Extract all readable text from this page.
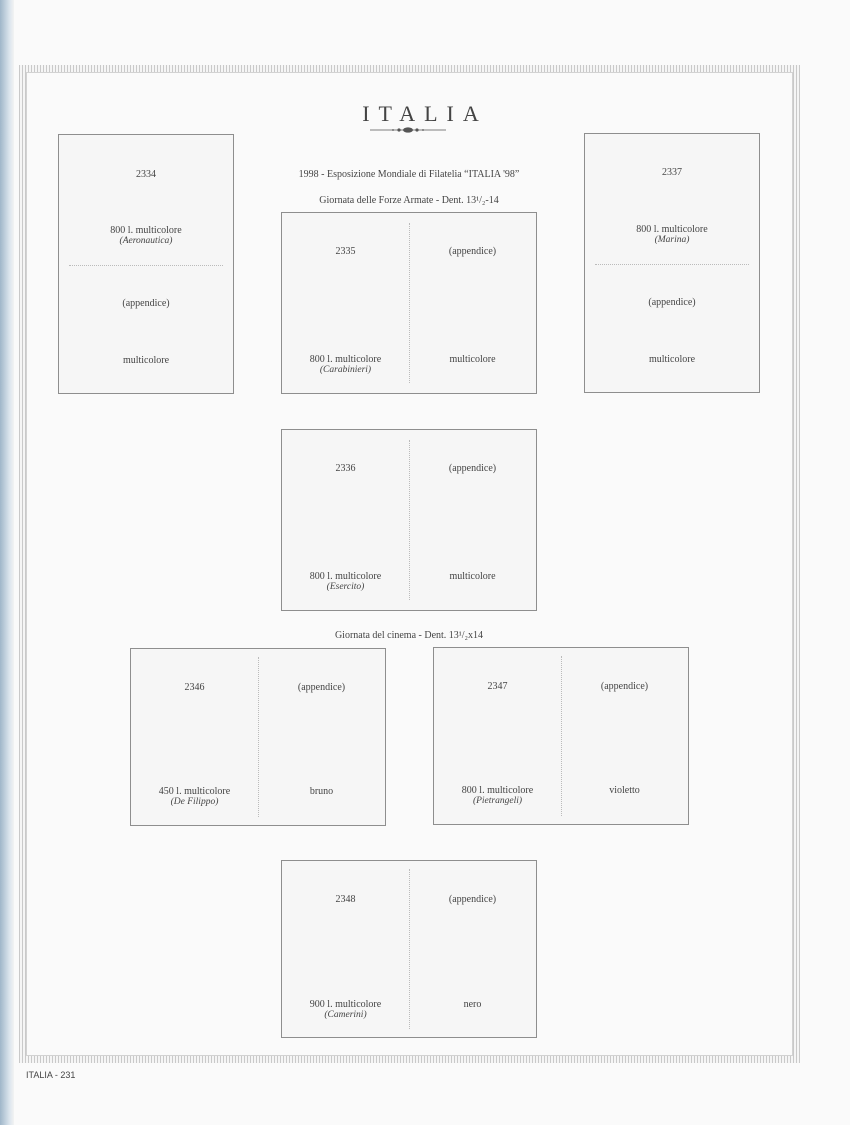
ITALIA
1998 - Esposizione Mondiale di Filatelia “ITALIA '98”
Giornata delle Forze Armate - Dent. 13¹/₂-14
2334
800 l. multicolore
(Aeronautica)
(appendice)
multicolore
2335	(appendice)
800 l. multicolore
(Carabinieri)
multicolore
2337
800 l. multicolore
(Marina)
(appendice)
multicolore
2336	(appendice)
800 l. multicolore
(Esercito)
multicolore
Giornata del cinema - Dent. 13¹/₂x14
2346	(appendice)
450 l. multicolore
(De Filippo)
bruno
2347	(appendice)
800 l. multicolore
(Pietrangeli)
violetto
2348	(appendice)
900 l. multicolore
(Camerini)
nero
ITALIA - 231
